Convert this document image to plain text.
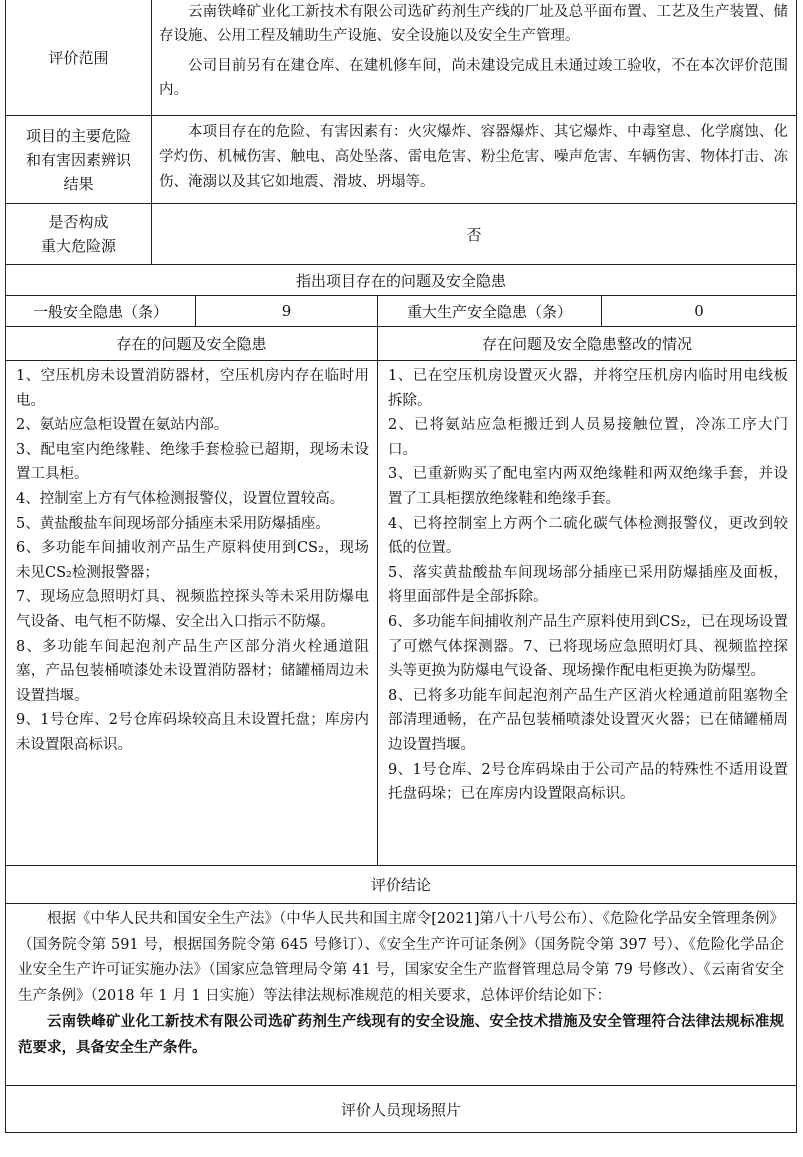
评价范围

云南铁峰矿业化工新技术有限公司选矿药剂生产线的厂址及总平面布置、工艺及生产装置、储存设施、公用工程及辅助生产设施、安全设施以及安全生产管理。

公司目前另有在建仓库、在建机修车间，尚未建设完成且未通过竣工验收，不在本次评价范围内。

项目的主要危险
和有害因素辨识
结果

本项目存在的危险、有害因素有：火灾爆炸、容器爆炸、其它爆炸、中毒窒息、化学腐蚀、化学灼伤、机械伤害、触电、高处坠落、雷电危害、粉尘危害、噪声危害、车辆伤害、物体打击、冻伤、淹溺以及其它如地震、滑坡、坍塌等。

是否构成
重大危险源
否
指出项目存在的问题及安全隐患
一般安全隐患（条）	9	重大生产安全隐患（条）	0
存在的问题及安全隐患	存在问题及安全隐患整改的情况

1、空压机房未设置消防器材，空压机房内存在临时用电。

2、氨站应急柜设置在氨站内部。

3、配电室内绝缘鞋、绝缘手套检验已超期，现场未设置工具柜。

4、控制室上方有气体检测报警仪，设置位置较高。

5、黄盐酸盐车间现场部分插座未采用防爆插座。

6、多功能车间捕收剂产品生产原料使用到CS₂，现场未见CS₂检测报警器；

7、现场应急照明灯具、视频监控探头等未采用防爆电气设备、电气柜不防爆、安全出入口指示不防爆。

8、多功能车间起泡剂产品生产区部分消火栓通道阻塞，产品包装桶喷漆处未设置消防器材；储罐桶周边未设置挡堰。

9、1号仓库、2号仓库码垛较高且未设置托盘；库房内未设置限高标识。

1、已在空压机房设置灭火器，并将空压机房内临时用电线板拆除。

2、已将氨站应急柜搬迁到人员易接触位置，冷冻工序大门口。

3、已重新购买了配电室内两双绝缘鞋和两双绝缘手套，并设置了工具柜摆放绝缘鞋和绝缘手套。

4、已将控制室上方两个二硫化碳气体检测报警仪，更改到较低的位置。

5、落实黄盐酸盐车间现场部分插座已采用防爆插座及面板，将里面部件是全部拆除。

6、多功能车间捕收剂产品生产原料使用到CS₂，已在现场设置了可燃气体探测器。7、已将现场应急照明灯具、视频监控探头等更换为防爆电气设备、现场操作配电柜更换为防爆型。

8、已将多功能车间起泡剂产品生产区消火栓通道前阻塞物全部清理通畅，在产品包装桶喷漆处设置灭火器；已在储罐桶周边设置挡堰。

9、1号仓库、2号仓库码垛由于公司产品的特殊性不适用设置托盘码垛；已在库房内设置限高标识。

评价结论

根据《中华人民共和国安全生产法》（中华人民共和国主席令[2021]第八十八号公布）、《危险化学品安全管理条例》（国务院令第 591 号，根据国务院令第 645 号修订）、《安全生产许可证条例》（国务院令第 397 号）、《危险化学品企业安全生产许可证实施办法》（国家应急管理局令第 41 号，国家安全生产监督管理总局令第 79 号修改）、《云南省安全生产条例》（2018 年 1 月 1 日实施）等法律法规标准规范的相关要求，总体评价结论如下：

云南铁峰矿业化工新技术有限公司选矿药剂生产线现有的安全设施、安全技术措施及安全管理符合法律法规标准规范要求，具备安全生产条件。

评价人员现场照片
